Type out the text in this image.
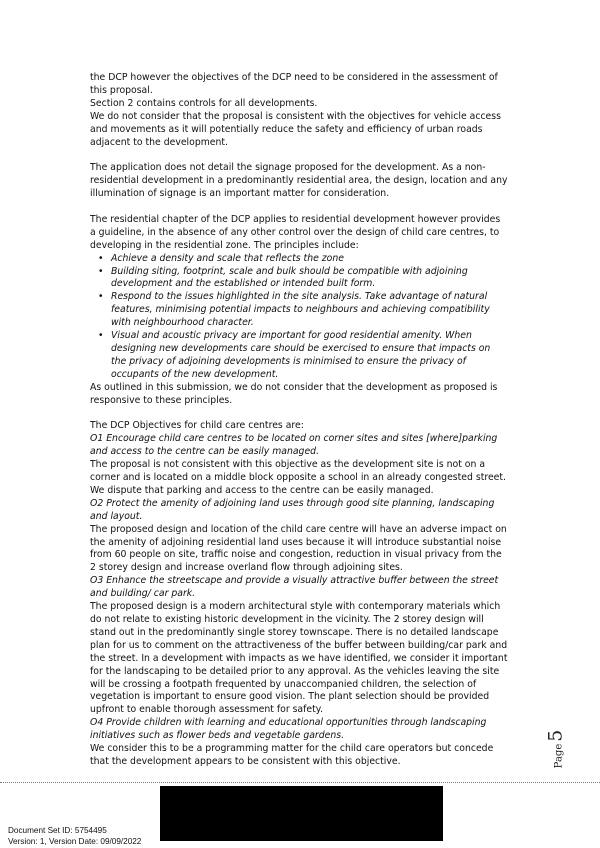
the DCP however the objectives of the DCP need to be considered in the assessment of this proposal.

Section 2 contains controls for all developments.

We do not consider that the proposal is consistent with the objectives for vehicle access and movements as it will potentially reduce the safety and efficiency of urban roads adjacent to the development.

The application does not detail the signage proposed for the development. As a non-residential development in a predominantly residential area, the design, location and any illumination of signage is an important matter for consideration.

The residential chapter of the DCP applies to residential development however provides a guideline, in the absence of any other control over the design of child care centres, to developing in the residential zone. The principles include:

• Achieve a density and scale that reflects the zone
• Building siting, footprint, scale and bulk should be compatible with adjoining development and the established or intended built form.
• Respond to the issues highlighted in the site analysis. Take advantage of natural features, minimising potential impacts to neighbours and achieving compatibility with neighbourhood character.
• Visual and acoustic privacy are important for good residential amenity. When designing new developments care should be exercised to ensure that impacts on the privacy of adjoining developments is minimised to ensure the privacy of occupants of the new development.

As outlined in this submission, we do not consider that the development as proposed is responsive to these principles.

The DCP Objectives for child care centres are:

O1 Encourage child care centres to be located on corner sites and sites [where]parking and access to the centre can be easily managed.

The proposal is not consistent with this objective as the development site is not on a corner and is located on a middle block opposite a school in an already congested street. We dispute that parking and access to the centre can be easily managed.

O2 Protect the amenity of adjoining land uses through good site planning, landscaping and layout.

The proposed design and location of the child care centre will have an adverse impact on the amenity of adjoining residential land uses because it will introduce substantial noise from 60 people on site, traffic noise and congestion, reduction in visual privacy from the 2 storey design and increase overland flow through adjoining sites.

O3 Enhance the streetscape and provide a visually attractive buffer between the street and building/ car park.

The proposed design is a modern architectural style with contemporary materials which do not relate to existing historic development in the vicinity. The 2 storey design will stand out in the predominantly single storey townscape. There is no detailed landscape plan for us to comment on the attractiveness of the buffer between building/car park and the street. In a development with impacts as we have identified, we consider it important for the landscaping to be detailed prior to any approval. As the vehicles leaving the site will be crossing a footpath frequented by unaccompanied children, the selection of vegetation is important to ensure good vision. The plant selection should be provided upfront to enable thorough assessment for safety.

O4 Provide children with learning and educational opportunities through landscaping initiatives such as flower beds and vegetable gardens.

We consider this to be a programming matter for the child care operators but concede that the development appears to be consistent with this objective.	Page
5
Document Set ID: 5754495
Version: 1, Version Date: 09/09/2022
